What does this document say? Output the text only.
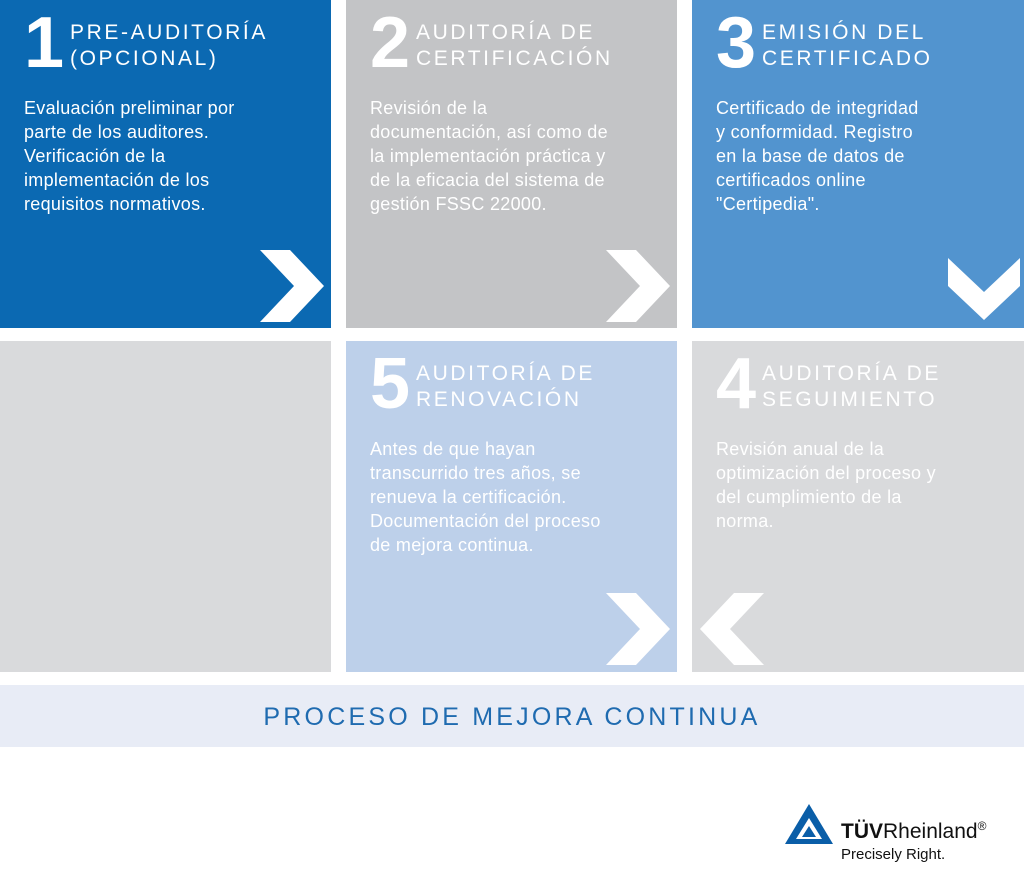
1 PRE-AUDITORÍA
(OPCIONAL)
Evaluación preliminar por
parte de los auditores.
Verificación de la
implementación de los
requisitos normativos.
2 AUDITORÍA DE
CERTIFICACIÓN
Revisión de la
documentación, así como de
la implementación práctica y
de la eficacia del sistema de
gestión FSSC 22000.
3 EMISIÓN DEL
CERTIFICADO
Certificado de integridad
y conformidad. Registro
en la base de datos de
certificados online
"Certipedia".
5 AUDITORÍA DE
RENOVACIÓN
Antes de que hayan
transcurrido tres años, se
renueva la certificación.
Documentación del proceso
de mejora continua.
4 AUDITORÍA DE
SEGUIMIENTO
Revisión anual de la
optimización del proceso y
del cumplimiento de la
norma.
PROCESO DE MEJORA CONTINUA
TÜVRheinland®
Precisely Right.
